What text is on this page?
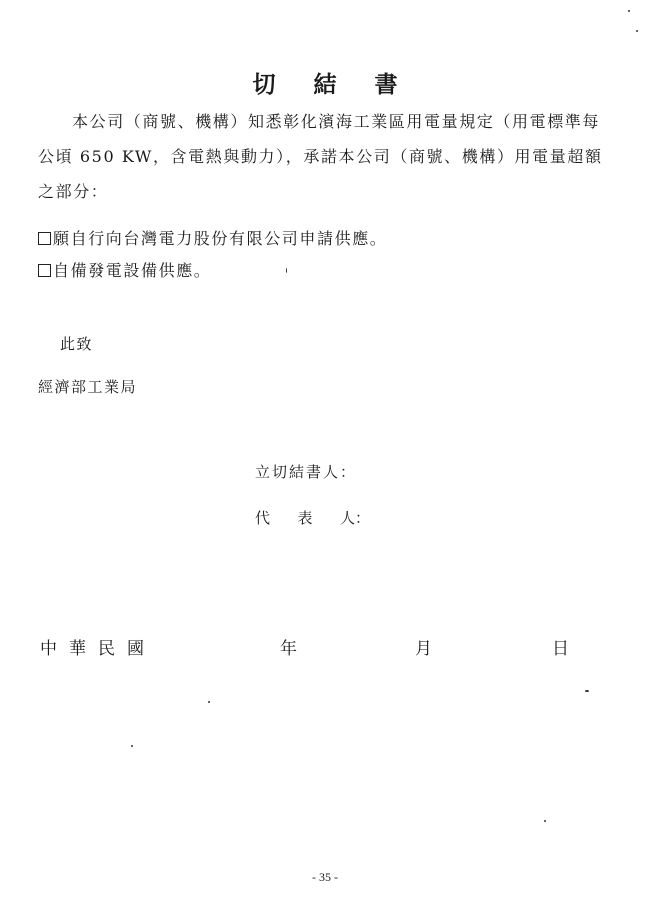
切結書

本公司（商號、機構）知悉彰化濱海工業區用電量規定（用電標準每公頃 650 KW，含電熱與動力），承諾本公司（商號、機構）用電量超額之部分：

願自行向台灣電力股份有限公司申請供應。
自備發電設備供應。
此致
經濟部工業局
立切結書人：
代表人：
中華民國	年	月	日
- 35 -
